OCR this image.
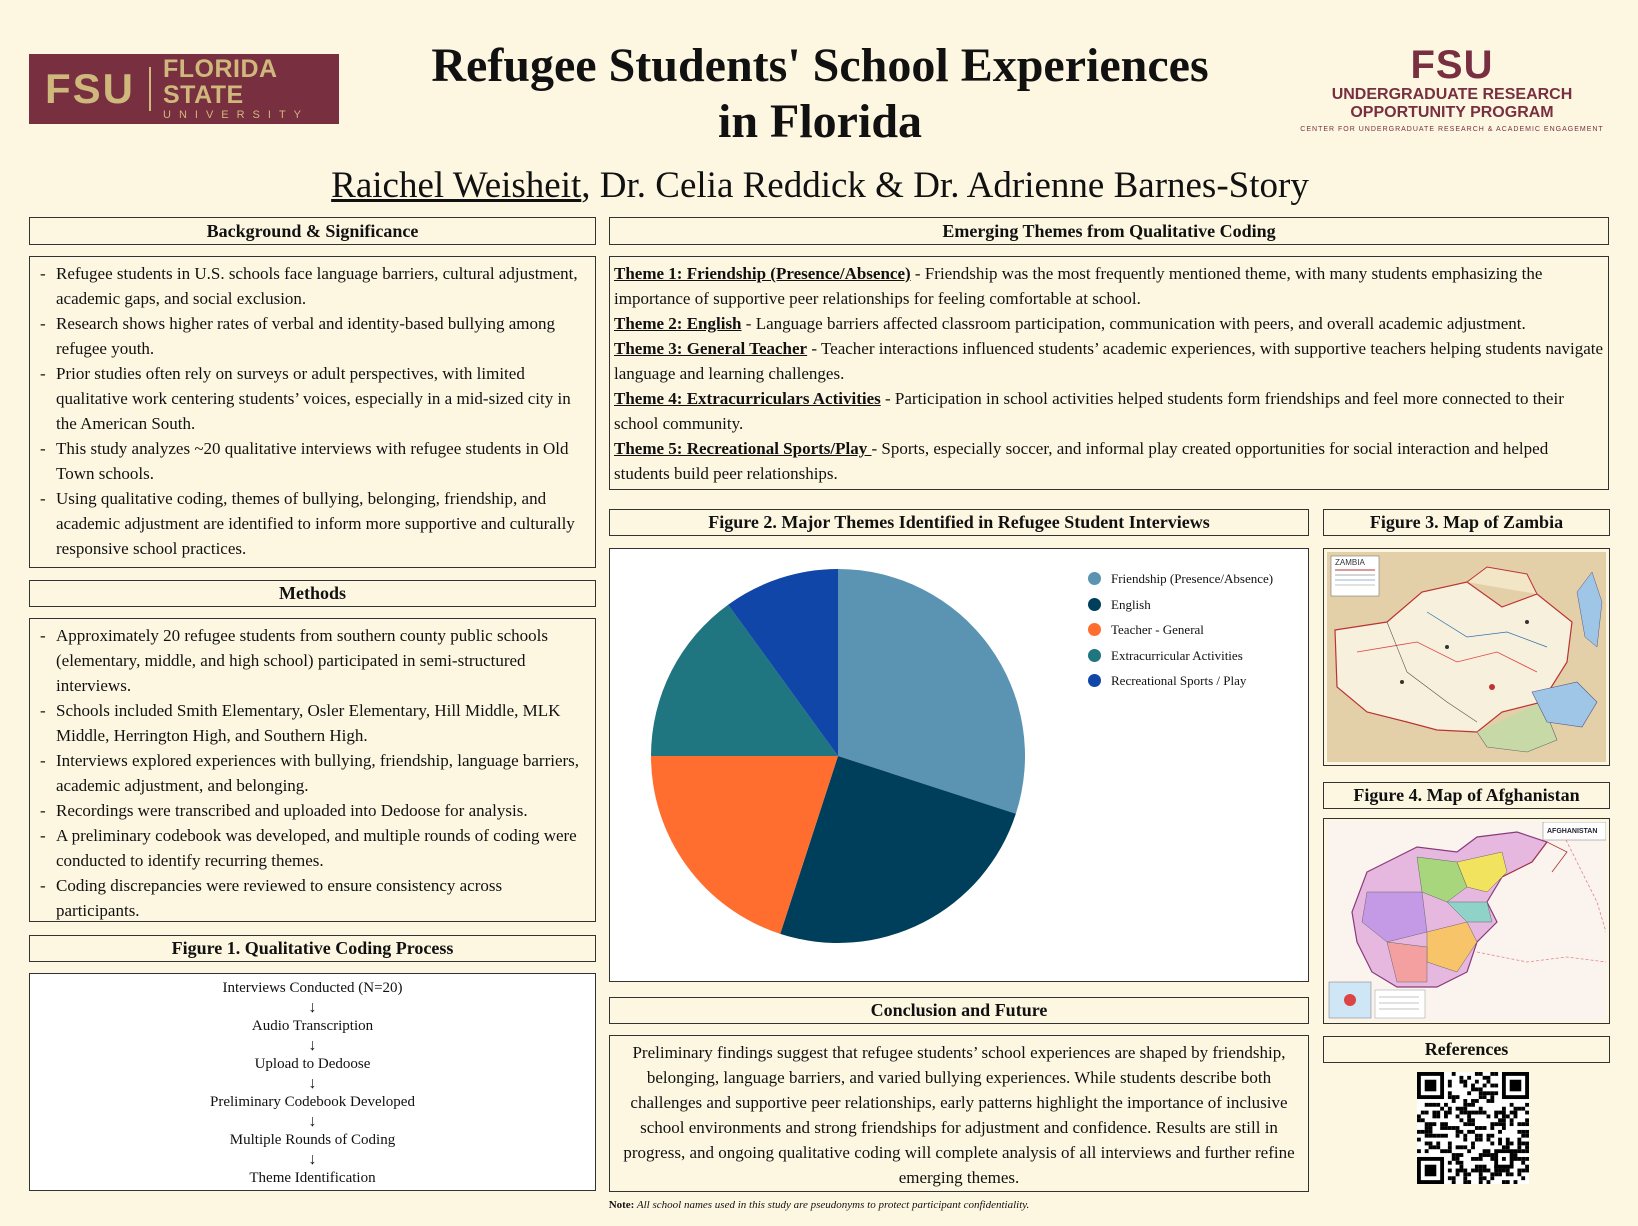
FSU	FLORIDA STATE
UNIVERSITY
Refugee Students' School Experiences
in Florida
FSU
UNDERGRADUATE RESEARCH
OPPORTUNITY PROGRAM
CENTER FOR UNDERGRADUATE RESEARCH & ACADEMIC ENGAGEMENT
Raichel Weisheit, Dr. Celia Reddick & Dr. Adrienne Barnes-Story
Background & Significance
- Refugee students in U.S. schools face language barriers, cultural adjustment, academic gaps, and social exclusion.
- Research shows higher rates of verbal and identity-based bullying among refugee youth.
- Prior studies often rely on surveys or adult perspectives, with limited qualitative work centering students’ voices, especially in a mid-sized city in the American South.
- This study analyzes ~20 qualitative interviews with refugee students in Old Town schools.
- Using qualitative coding, themes of bullying, belonging, friendship, and academic adjustment are identified to inform more supportive and culturally responsive school practices.
Methods
- Approximately 20 refugee students from southern county public schools (elementary, middle, and high school) participated in semi-structured interviews.
- Schools included Smith Elementary, Osler Elementary, Hill Middle, MLK Middle, Herrington High, and Southern High.
- Interviews explored experiences with bullying, friendship, language barriers, academic adjustment, and belonging.
- Recordings were transcribed and uploaded into Dedoose for analysis.
- A preliminary codebook was developed, and multiple rounds of coding were conducted to identify recurring themes.
- Coding discrepancies were reviewed to ensure consistency across participants.
Figure 1. Qualitative Coding Process
Interviews Conducted (N=20)
↓
Audio Transcription
↓
Upload to Dedoose
↓
Preliminary Codebook Developed
↓
Multiple Rounds of Coding
↓
Theme Identification
Emerging Themes from Qualitative Coding
Theme 1: Friendship (Presence/Absence) - Friendship was the most frequently mentioned theme, with many students emphasizing the importance of supportive peer relationships for feeling comfortable at school.
Theme 2: English - Language barriers affected classroom participation, communication with peers, and overall academic adjustment.
Theme 3: General Teacher - Teacher interactions influenced students’ academic experiences, with supportive teachers helping students navigate language and learning challenges.
Theme 4: Extracurriculars Activities - Participation in school activities helped students form friendships and feel more connected to their school community.
Theme 5: Recreational Sports/Play - Sports, especially soccer, and informal play created opportunities for social interaction and helped students build peer relationships.
Figure 2. Major Themes Identified in Refugee Student Interviews
Friendship (Presence/Absence)
English
Teacher - General
Extracurricular Activities
Recreational Sports / Play
Figure 3. Map of Zambia
ZAMBIA
Figure 4. Map of Afghanistan
AFGHANISTAN
Conclusion and Future
Preliminary findings suggest that refugee students’ school experiences are shaped by friendship, belonging, language barriers, and varied bullying experiences. While students describe both challenges and supportive peer relationships, early patterns highlight the importance of inclusive school environments and strong friendships for adjustment and confidence. Results are still in progress, and ongoing qualitative coding will complete analysis of all interviews and further refine emerging themes.
References
Note: All school names used in this study are pseudonyms to protect participant confidentiality.
